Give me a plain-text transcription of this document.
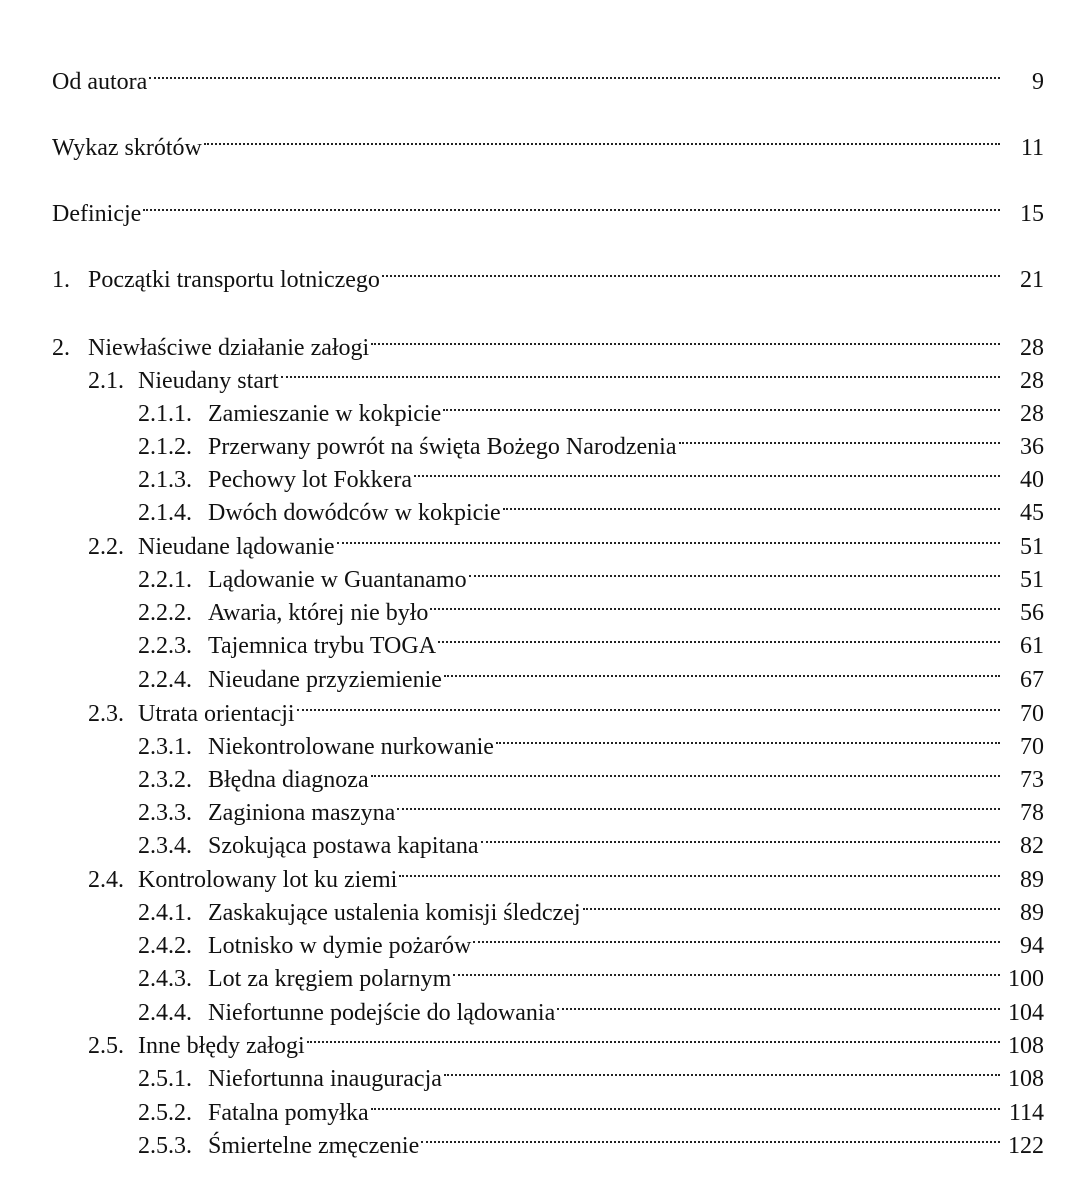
Od autora	9
Wykaz skrótów	11
Definicje	15
1. Początki transportu lotniczego	21
2. Niewłaściwe działanie załogi	28
2.1. Nieudany start	28
2.1.1. Zamieszanie w kokpicie	28
2.1.2. Przerwany powrót na święta Bożego Narodzenia	36
2.1.3. Pechowy lot Fokkera	40
2.1.4. Dwóch dowódców w kokpicie	45
2.2. Nieudane lądowanie	51
2.2.1. Lądowanie w Guantanamo	51
2.2.2. Awaria, której nie było	56
2.2.3. Tajemnica trybu TOGA	61
2.2.4. Nieudane przyziemienie	67
2.3. Utrata orientacji	70
2.3.1. Niekontrolowane nurkowanie	70
2.3.2. Błędna diagnoza	73
2.3.3. Zaginiona maszyna	78
2.3.4. Szokująca postawa kapitana	82
2.4. Kontrolowany lot ku ziemi	89
2.4.1. Zaskakujące ustalenia komisji śledczej	89
2.4.2. Lotnisko w dymie pożarów	94
2.4.3. Lot za kręgiem polarnym	100
2.4.4. Niefortunne podejście do lądowania	104
2.5. Inne błędy załogi	108
2.5.1. Niefortunna inauguracja	108
2.5.2. Fatalna pomyłka	114
2.5.3. Śmiertelne zmęczenie	122
